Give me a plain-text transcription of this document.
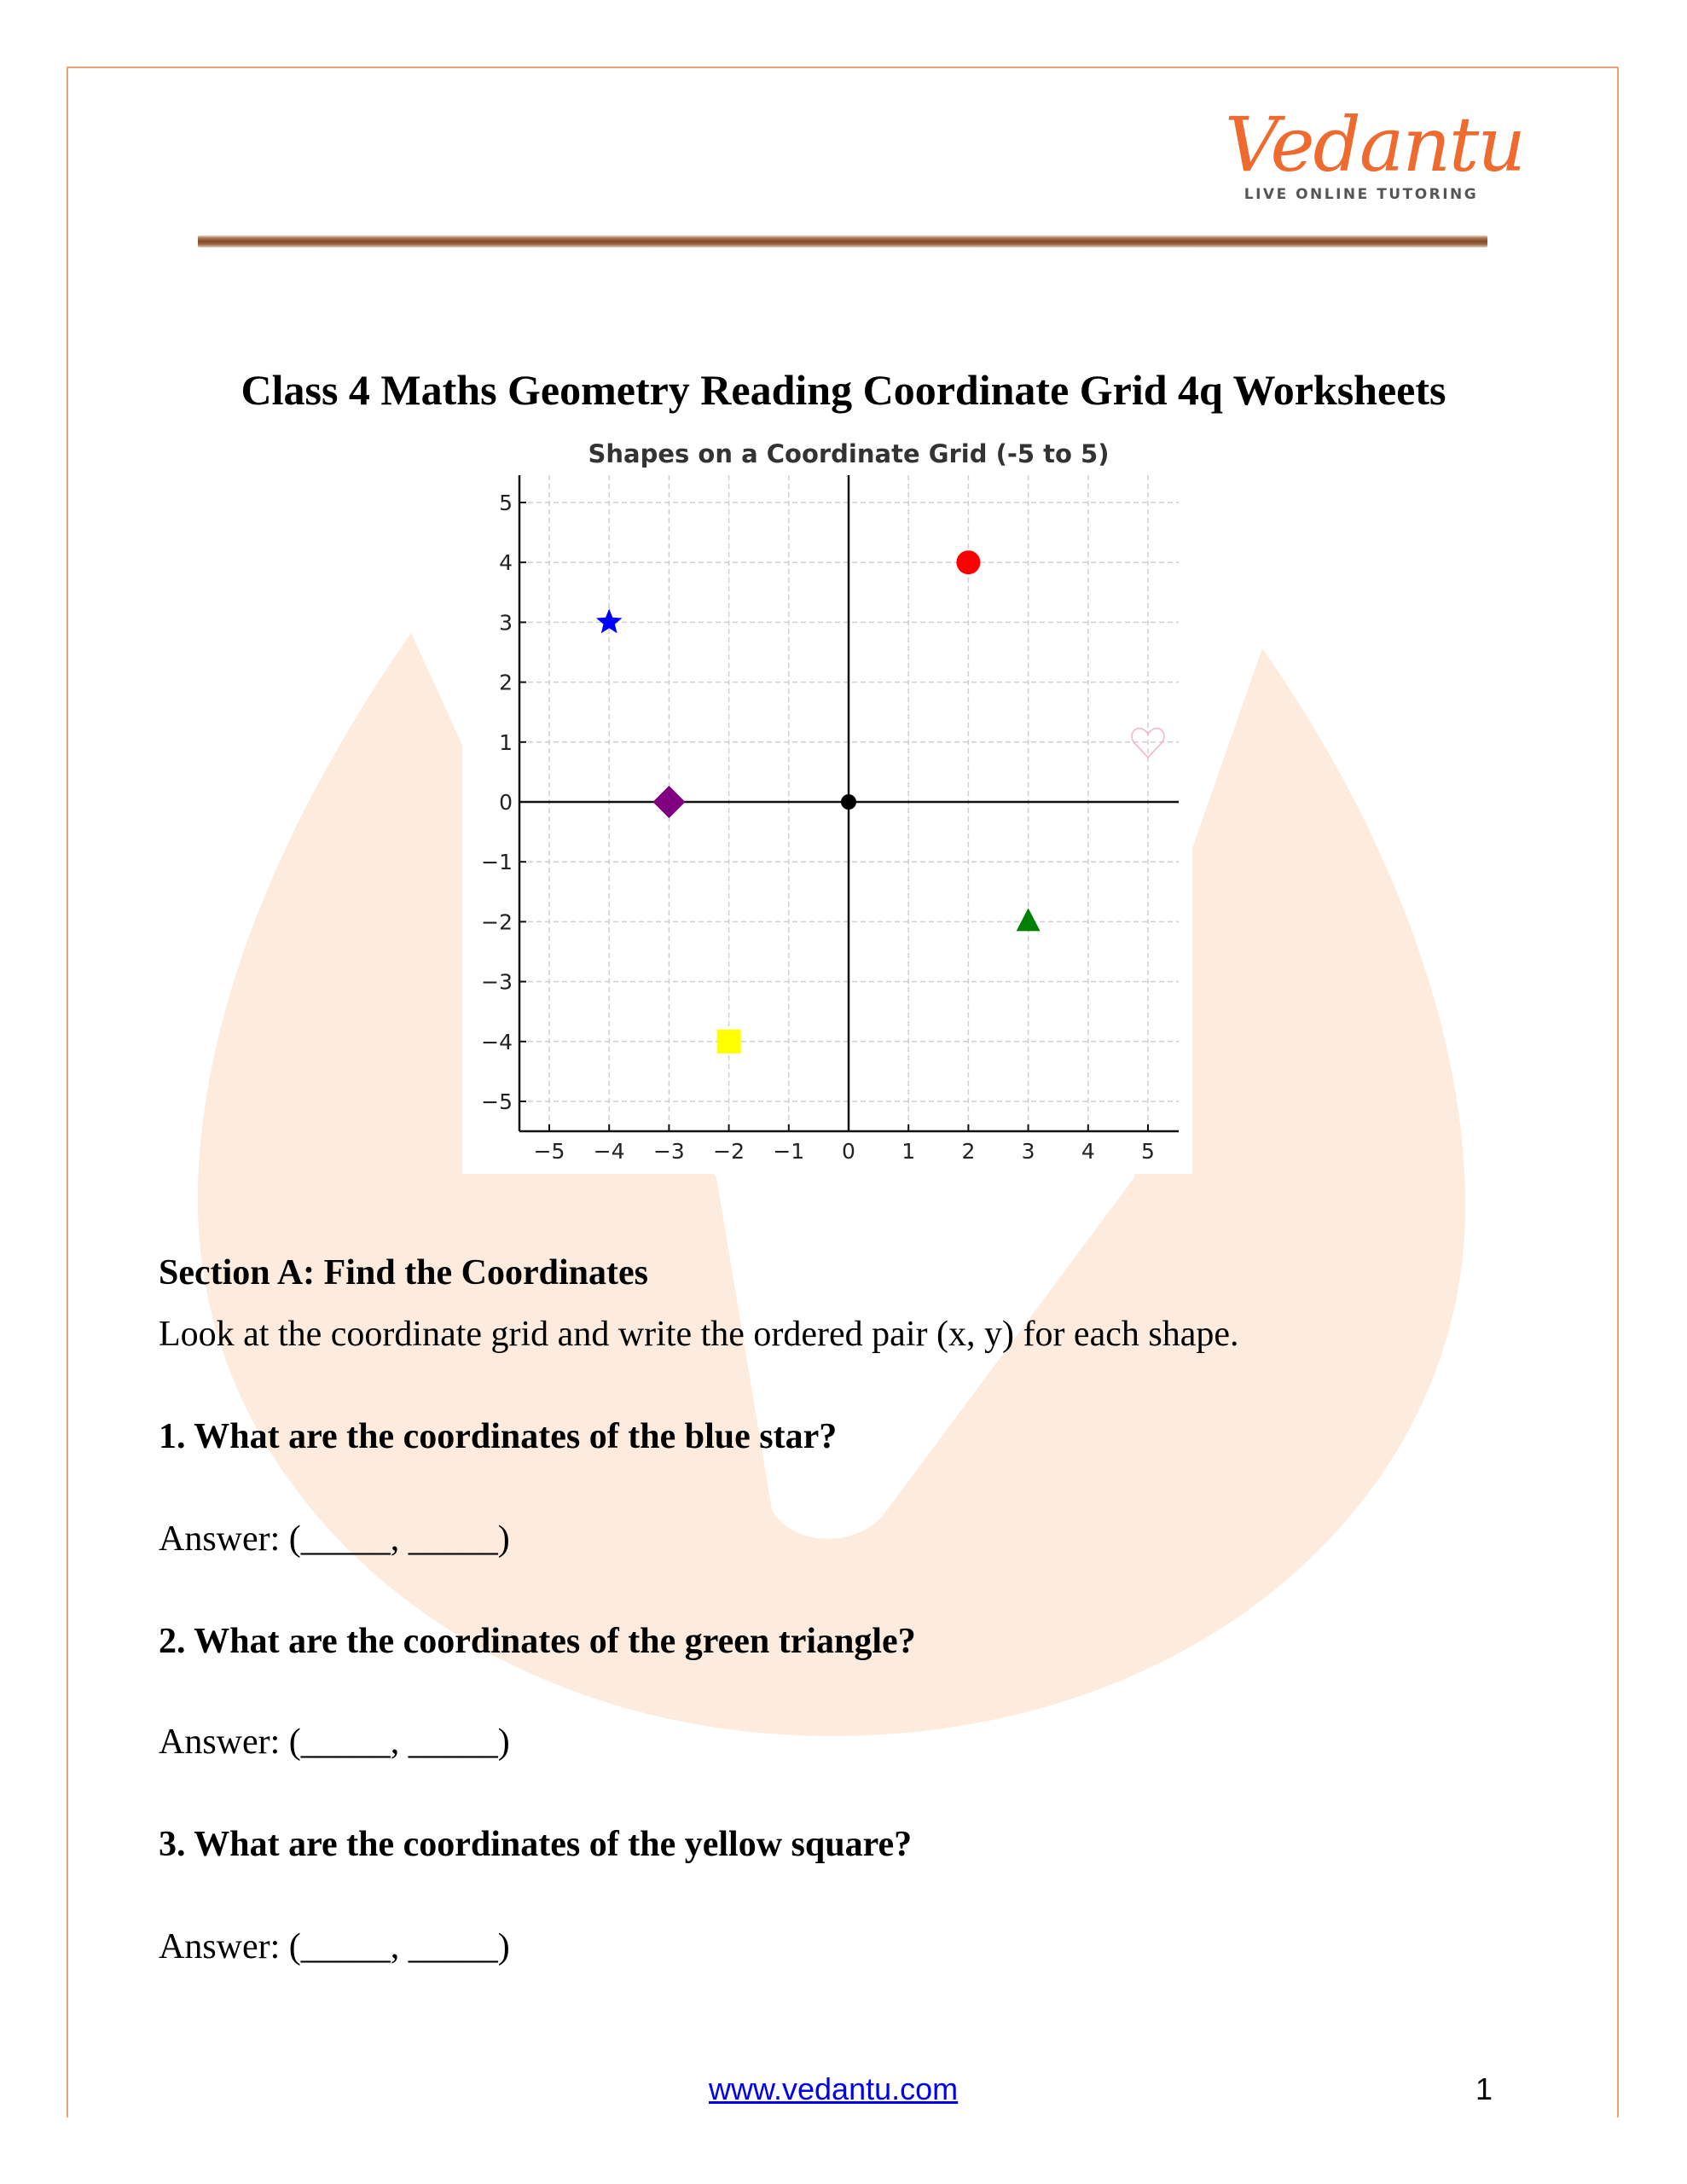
Vedantu
LIVE ONLINE TUTORING
Class 4 Maths Geometry Reading Coordinate Grid 4q Worksheets
Shapes on a Coordinate Grid (-5 to 5)
5
4
3
2
1
0
−1
−2
−3
−4
−5
−5 −4 −3 −2 −1 0 1 2 3 4 5
Section A: Find the Coordinates
Look at the coordinate grid and write the ordered pair (x, y) for each shape.
1. What are the coordinates of the blue star?
Answer: (_____, _____)
2. What are the coordinates of the green triangle?
Answer: (_____, _____)
3. What are the coordinates of the yellow square?
Answer: (_____, _____)
www.vedantu.com	1
